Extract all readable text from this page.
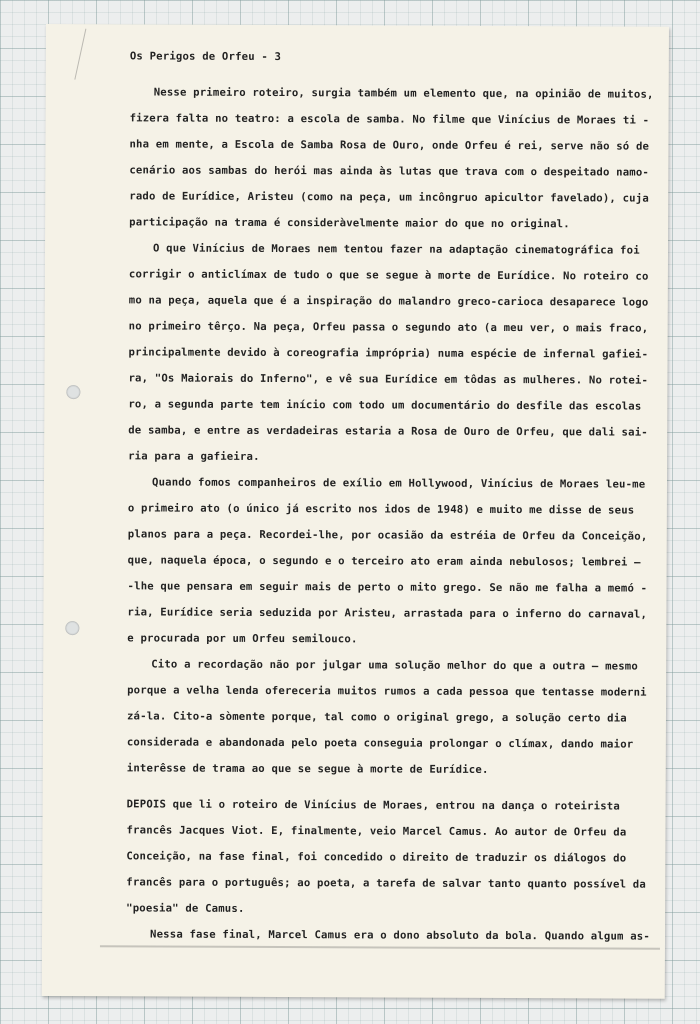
Os Perigos de Orfeu - 3
Nesse primeiro roteiro, surgia também um elemento que, na opinião de muitos,
fizera falta no teatro: a escola de samba. No filme que Vinícius de Moraes ti -
nha em mente, a Escola de Samba Rosa de Ouro, onde Orfeu é rei, serve não só de
cenário aos sambas do herói mas ainda às lutas que trava com o despeitado namo-
rado de Eurídice, Aristeu (como na peça, um incôngruo apicultor favelado), cuja
participação na trama é consideràvelmente maior do que no original.
O que Vinícius de Moraes nem tentou fazer na adaptação cinematográfica foi
corrigir o anticlímax de tudo o que se segue à morte de Eurídice. No roteiro co
mo na peça, aquela que é a inspiração do malandro greco-carioca desaparece logo
no primeiro têrço. Na peça, Orfeu passa o segundo ato (a meu ver, o mais fraco,
principalmente devido à coreografia imprópria) numa espécie de infernal gafiei-
ra, "Os Maiorais do Inferno", e vê sua Eurídice em tôdas as mulheres. No rotei-
ro, a segunda parte tem início com todo um documentário do desfile das escolas
de samba, e entre as verdadeiras estaria a Rosa de Ouro de Orfeu, que dali sai-
ria para a gafieira.
Quando fomos companheiros de exílio em Hollywood, Vinícius de Moraes leu-me
o primeiro ato (o único já escrito nos idos de 1948) e muito me disse de seus
planos para a peça. Recordei-lhe, por ocasião da estréia de Orfeu da Conceição,
que, naquela época, o segundo e o terceiro ato eram ainda nebulosos; lembrei —
-lhe que pensara em seguir mais de perto o mito grego. Se não me falha a memó -
ria, Eurídice seria seduzida por Aristeu, arrastada para o inferno do carnaval,
e procurada por um Orfeu semilouco.
Cito a recordação não por julgar uma solução melhor do que a outra — mesmo
porque a velha lenda ofereceria muitos rumos a cada pessoa que tentasse moderni
zá-la. Cito-a sòmente porque, tal como o original grego, a solução certo dia
considerada e abandonada pelo poeta conseguia prolongar o clímax, dando maior
interêsse de trama ao que se segue à morte de Eurídice.
DEPOIS que li o roteiro de Vinícius de Moraes, entrou na dança o roteirista
francês Jacques Viot. E, finalmente, veio Marcel Camus. Ao autor de Orfeu da
Conceição, na fase final, foi concedido o direito de traduzir os diálogos do
francês para o português; ao poeta, a tarefa de salvar tanto quanto possível da
"poesia" de Camus.
Nessa fase final, Marcel Camus era o dono absoluto da bola. Quando algum as-
